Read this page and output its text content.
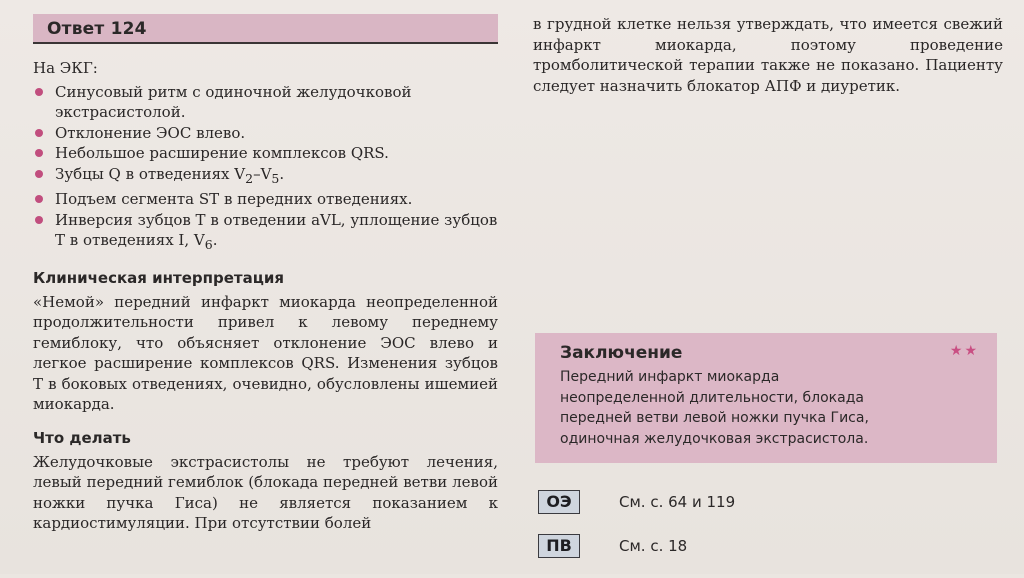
Ответ 124
На ЭКГ:
Синусовый ритм с одиночной желудочковой экстрасистолой.
Отклонение ЭОС влево.
Небольшое расширение комплексов QRS.
Зубцы Q в отведениях $V_2-V_5$.
Подъем сегмента ST в передних отведениях.
Инверсия зубцов Т в отведении aVL, уплощение зубцов Т в отведениях I, $V_6$.
Клиническая интерпретация
«Немой» передний инфаркт миокарда неопределенной продолжительности привел к левому переднему гемиблоку, что объясняет отклонение ЭОС влево и легкое расширение комплексов QRS. Изменения зубцов Т в боковых отведениях, очевидно, обусловлены ишемией миокарда.
Что делать
Желудочковые экстрасистолы не требуют лечения, левый передний гемиблок (блокада передней ветви левой ножки пучка Гиса) не является показанием к кардиостимуляции. При отсутствии болей
в грудной клетке нельзя утверждать, что имеется свежий инфаркт миокарда, поэтому проведение тромболитической терапии также не показано. Пациенту следует назначить блокатор АПФ и диуретик.
Заключение	★★
Передний инфаркт миокарда
неопределенной длительности, блокада
передней ветви левой ножки пучка Гиса,
одиночная желудочковая экстрасистола.
ОЭ	См. с. 64 и 119
ПВ	См. с. 18
